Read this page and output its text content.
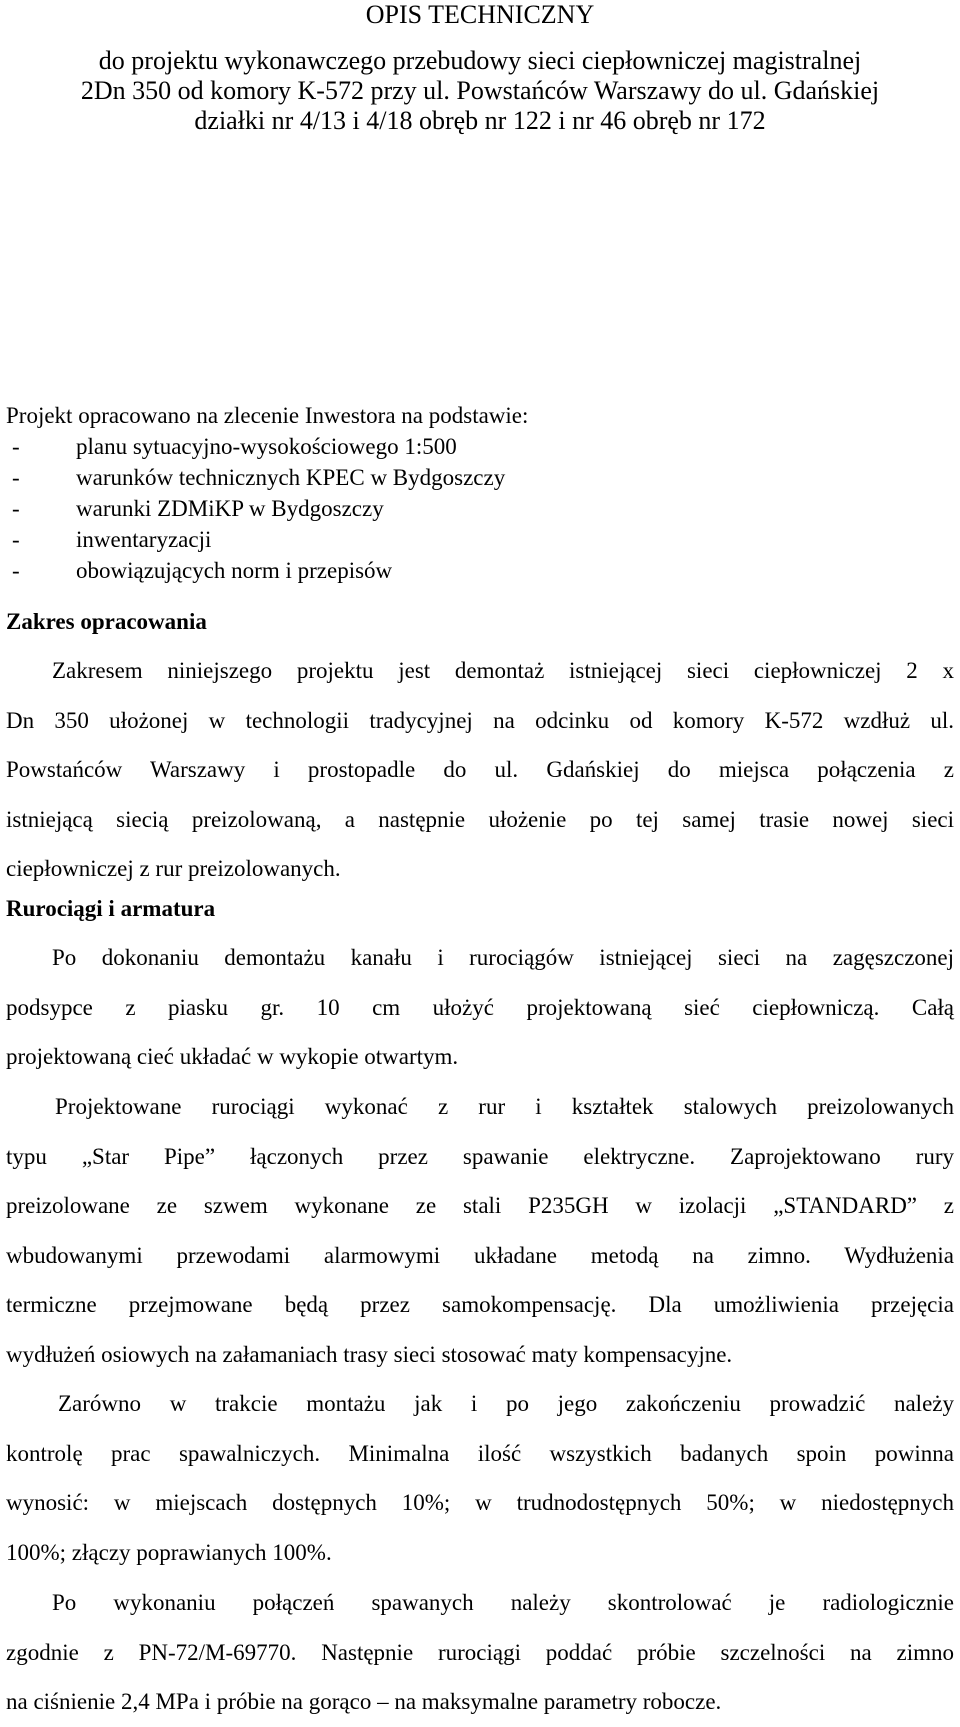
OPIS TECHNICZNY
do projektu wykonawczego przebudowy sieci ciepłowniczej magistralnej
2Dn 350 od komory K-572 przy ul. Powstańców Warszawy do ul. Gdańskiej
działki nr 4/13 i 4/18 obręb nr 122 i nr 46 obręb nr 172
Projekt opracowano na zlecenie Inwestora na podstawie:
- planu sytuacyjno-wysokościowego 1:500
- warunków technicznych KPEC w Bydgoszczy
- warunki ZDMiKP w Bydgoszczy
- inwentaryzacji
- obowiązujących norm i przepisów
Zakres opracowania

Zakresem niniejszego projektu jest demontaż istniejącej sieci ciepłowniczej 2 x
Dn 350 ułożonej w technologii tradycyjnej na odcinku od komory K-572 wzdłuż ul.
Powstańców Warszawy i prostopadle do ul. Gdańskiej do miejsca połączenia z
istniejącą siecią preizolowaną, a następnie ułożenie po tej samej trasie nowej sieci
ciepłowniczej z rur preizolowanych.

Rurociągi i armatura

Po dokonaniu demontażu kanału i rurociągów istniejącej sieci na zagęszczonej
podsypce z piasku gr. 10 cm ułożyć projektowaną sieć ciepłowniczą. Całą
projektowaną cieć układać w wykopie otwartym.

Projektowane rurociągi wykonać z rur i kształtek stalowych preizolowanych
typu „Star Pipe” łączonych przez spawanie elektryczne. Zaprojektowano rury
preizolowane ze szwem wykonane ze stali P235GH w izolacji „STANDARD” z
wbudowanymi przewodami alarmowymi układane metodą na zimno. Wydłużenia
termiczne przejmowane będą przez samokompensację. Dla umożliwienia przejęcia
wydłużeń osiowych na załamaniach trasy sieci stosować maty kompensacyjne.

Zarówno w trakcie montażu jak i po jego zakończeniu prowadzić należy
kontrolę prac spawalniczych. Minimalna ilość wszystkich badanych spoin powinna
wynosić: w miejscach dostępnych 10%; w trudnodostępnych 50%; w niedostępnych
100%; złączy poprawianych 100%.

Po wykonaniu połączeń spawanych należy skontrolować je radiologicznie
zgodnie z PN-72/M-69770. Następnie rurociągi poddać próbie szczelności na zimno
na ciśnienie 2,4 MPa i próbie na gorąco – na maksymalne parametry robocze.
